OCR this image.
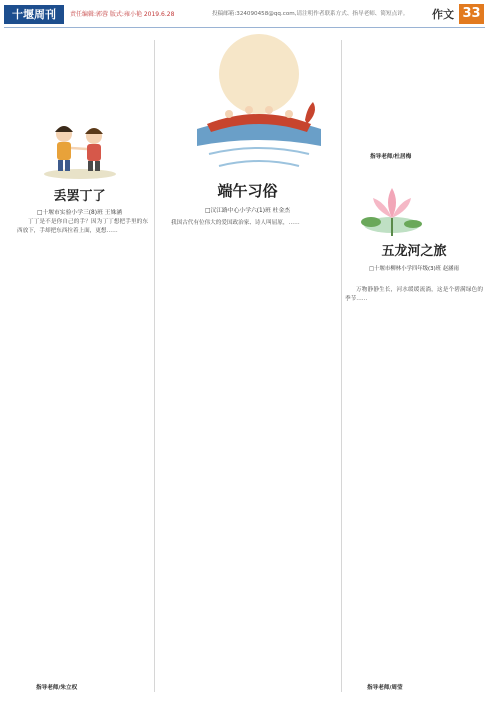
十堰周刊	责任编辑:郭蓉 版式:雍小艳 2019.6.28	投稿邮箱:324090458@qq.com,请注明作者联系方式、指导老师、简短点评。	作文 33
丢罢丁了
□十堰市实验小学三(8)班 王姝涵

丁丁是不是你自己的手？因为丁丁想把手里的东西放下，手却把东西拉着上面，更想……

指导老师/朱立权
端午习俗
□汉江路中心小学六(1)班 杜金杰

我国古代有位伟大的爱国政治家、诗人叫屈原，……

指导老师/杜居梅
五龙河之旅
□十堰市柳林小学四年级(3)班 赵涵雨

万物静静生长，河水缓缓流淌，这是个碧满绿色的季节……

指导老师/周莹
